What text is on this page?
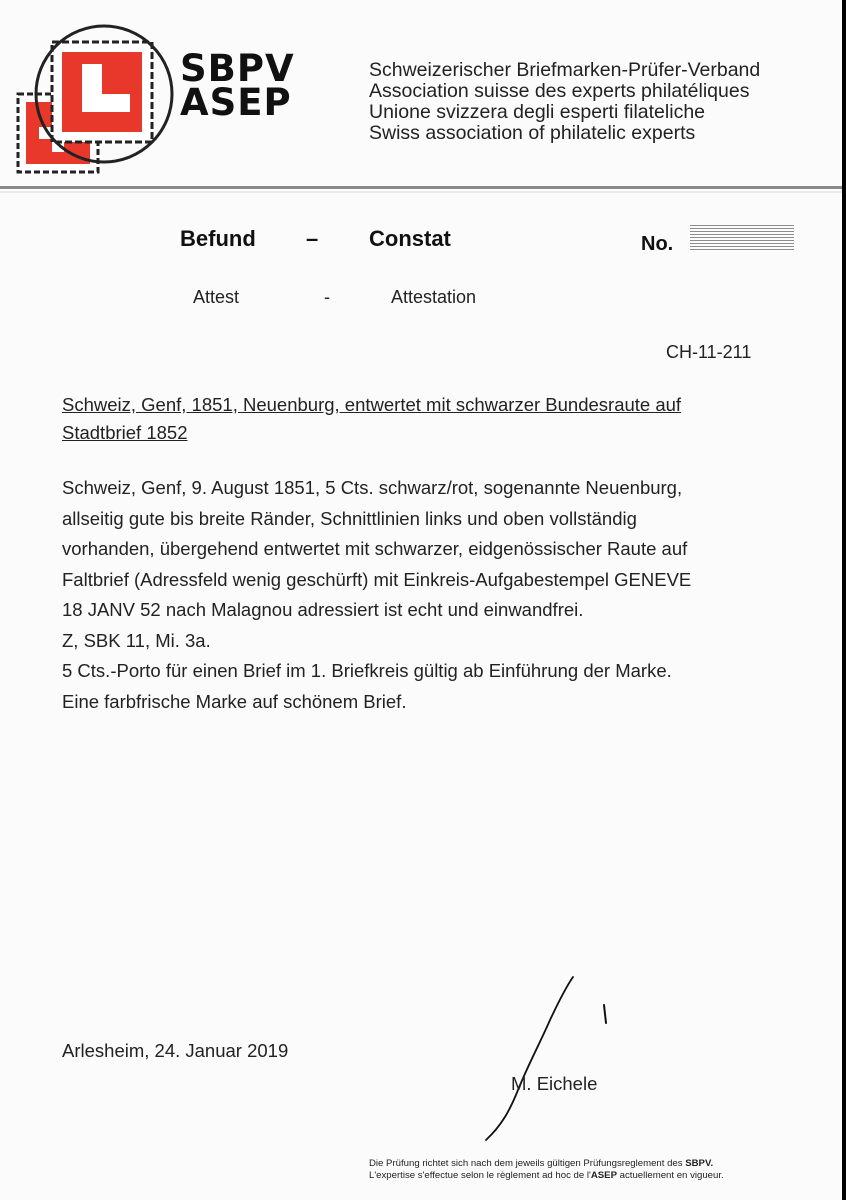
SBPV
ASEP
Schweizerischer Briefmarken-Prüfer-Verband
Association suisse des experts philatéliques
Unione svizzera degli esperti filateliche
Swiss association of philatelic experts
Befund – Constat	No.
Attest	-	Attestation
CH-11-211
Schweiz, Genf, 1851, Neuenburg, entwertet mit schwarzer Bundesraute auf
Stadtbrief 1852
Schweiz, Genf, 9. August 1851, 5 Cts. schwarz/rot, sogenannte Neuenburg,
allseitig gute bis breite Ränder, Schnittlinien links und oben vollständig
vorhanden, übergehend entwertet mit schwarzer, eidgenössischer Raute auf
Faltbrief (Adressfeld wenig geschürft) mit Einkreis-Aufgabestempel GENEVE
18 JANV 52 nach Malagnou adressiert ist echt und einwandfrei.
Z, SBK 11, Mi. 3a.
5 Cts.-Porto für einen Brief im 1. Briefkreis gültig ab Einführung der Marke.
Eine farbfrische Marke auf schönem Brief.
Arlesheim, 24. Januar 2019
M. Eichele
Die Prüfung richtet sich nach dem jeweils gültigen Prüfungsreglement des SBPV.
L'expertise s'effectue selon le règlement ad hoc de l'ASEP actuellement en vigueur.
